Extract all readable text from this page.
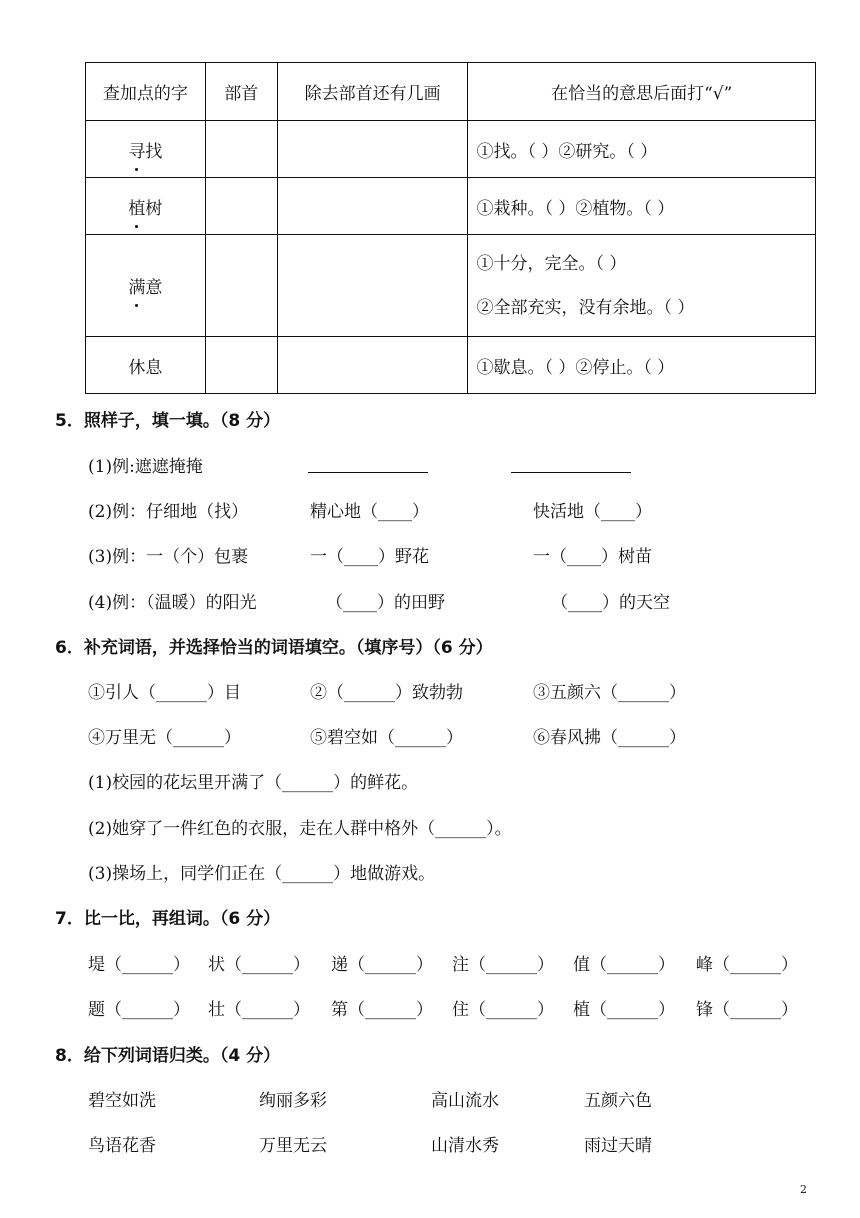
查加点的字	部首	除去部首还有几画	在恰当的意思后面打“√”
寻找			①找。（ ）②研究。（ ）
植树			①栽种。（ ）②植物。（ ）
满意			①十分，完全。（ ）
②全部充实，没有余地。（ ）

休息			①歇息。（ ）②停止。（ ）
5．照样子，填一填。（8 分）
(1)例:遮遮掩掩
(2)例：仔细地（找）	精心地（____）	快活地（____）
(3)例：一（个）包裹	一（____）野花	一（____）树苗
(4)例：（温暖）的阳光	（____）的田野	（____）的天空
6．补充词语，并选择恰当的词语填空。（填序号）（6 分）
①引人（______）目	②（______）致勃勃	③五颜六（______）
④万里无（______）	⑤碧空如（______）	⑥春风拂（______）
(1)校园的花坛里开满了（______）的鲜花。
(2)她穿了一件红色的衣服，走在人群中格外（______）。
(3)操场上，同学们正在（______）地做游戏。
7．比一比，再组词。（6 分）
堤（______） 状（______） 递（______） 注（______） 值（______） 峰（______）
题（______） 壮（______） 第（______） 住（______） 植（______） 锋（______）
8．给下列词语归类。（4 分）
碧空如洗	绚丽多彩	高山流水	五颜六色
鸟语花香	万里无云	山清水秀	雨过天晴
2
